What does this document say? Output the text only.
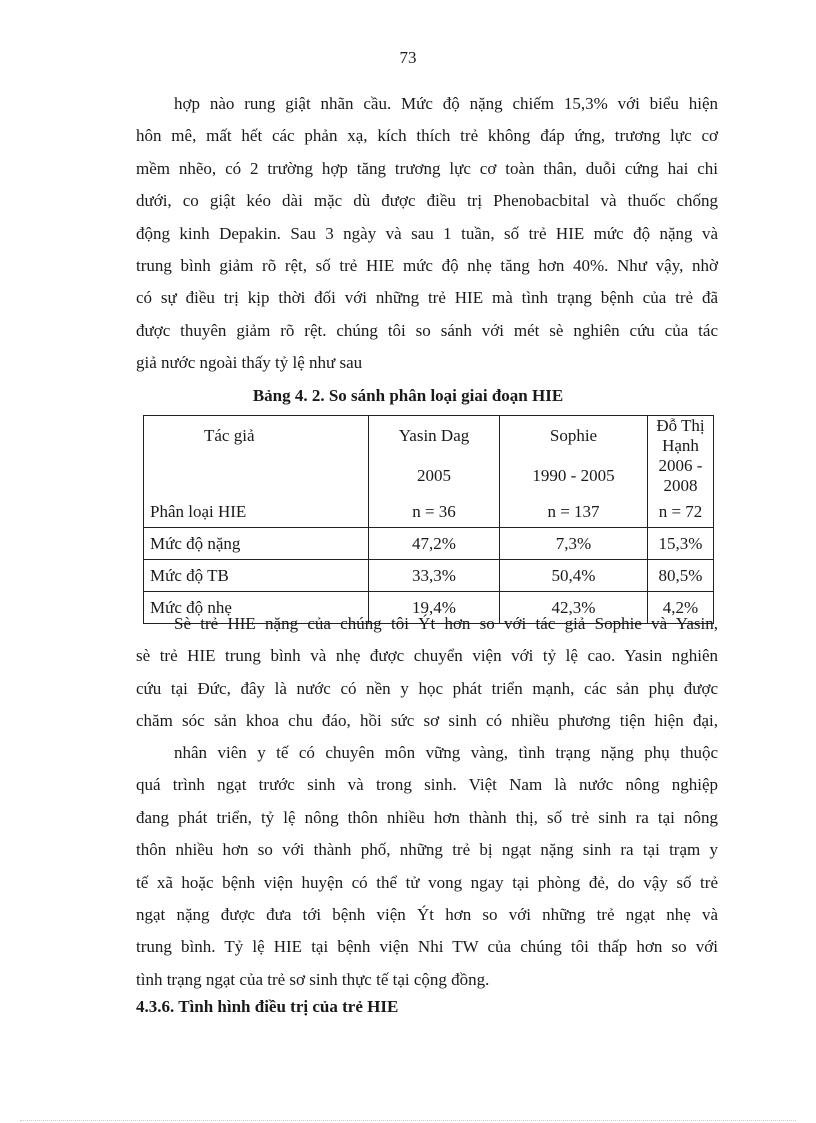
73

hợp nào rung giật nhãn cầu. Mức độ nặng chiếm 15,3% với biểu hiện
hôn mê, mất hết các phản xạ, kích thích trẻ không đáp ứng, trương lực cơ
mềm nhẽo, có 2 trường hợp tăng trương lực cơ toàn thân, duỗi cứng hai chi
dưới, co giật kéo dài mặc dù được điều trị Phenobacbital và thuốc chống
động kinh Depakin. Sau 3 ngày và sau 1 tuần, số trẻ HIE mức độ nặng và
trung bình giảm rõ rệt, số trẻ HIE mức độ nhẹ tăng hơn 40%. Như vậy, nhờ
có sự điều trị kịp thời đối với những trẻ HIE mà tình trạng bệnh của trẻ đã
được thuyên giảm rõ rệt. chúng tôi so sánh với mét sè nghiên cứu của tác
giả nước ngoài thấy tỷ lệ như sau

Bảng 4. 2. So sánh phân loại giai đoạn HIE
Tác giả	Yasin Dag	Sophie	Đỗ Thị Hạnh
	2005	1990 - 2005	2006 - 2008
Phân loại HIE	n = 36	n = 137	n = 72
Mức độ nặng	47,2%	7,3%	15,3%
Mức độ TB	33,3%	50,4%	80,5%
Mức độ nhẹ	19,4%	42,3%	4,2%

Sè trẻ HIE nặng của chúng tôi Ýt hơn so với tác giả Sophie và Yasin,
sè trẻ HIE trung bình và nhẹ được chuyển viện với tỷ lệ cao. Yasin nghiên
cứu tại Đức, đây là nước có nền y học phát triển mạnh, các sản phụ được
chăm sóc sản khoa chu đáo, hồi sức sơ sinh có nhiều phương tiện hiện đại,

nhân viên y tế có chuyên môn vững vàng, tình trạng nặng phụ thuộc
quá trình ngạt trước sinh và trong sinh. Việt Nam là nước nông nghiệp
đang phát triển, tỷ lệ nông thôn nhiều hơn thành thị, số trẻ sinh ra tại nông
thôn nhiều hơn so với thành phố, những trẻ bị ngạt nặng sinh ra tại trạm y
tế xã hoặc bệnh viện huyện có thể tử vong ngay tại phòng đẻ, do vậy số trẻ
ngạt nặng được đưa tới bệnh viện Ýt hơn so với những trẻ ngạt nhẹ và
trung bình. Tỷ lệ HIE tại bệnh viện Nhi TW của chúng tôi thấp hơn so với
tình trạng ngạt của trẻ sơ sinh thực tế tại cộng đồng.

4.3.6. Tình hình điều trị của trẻ HIE
